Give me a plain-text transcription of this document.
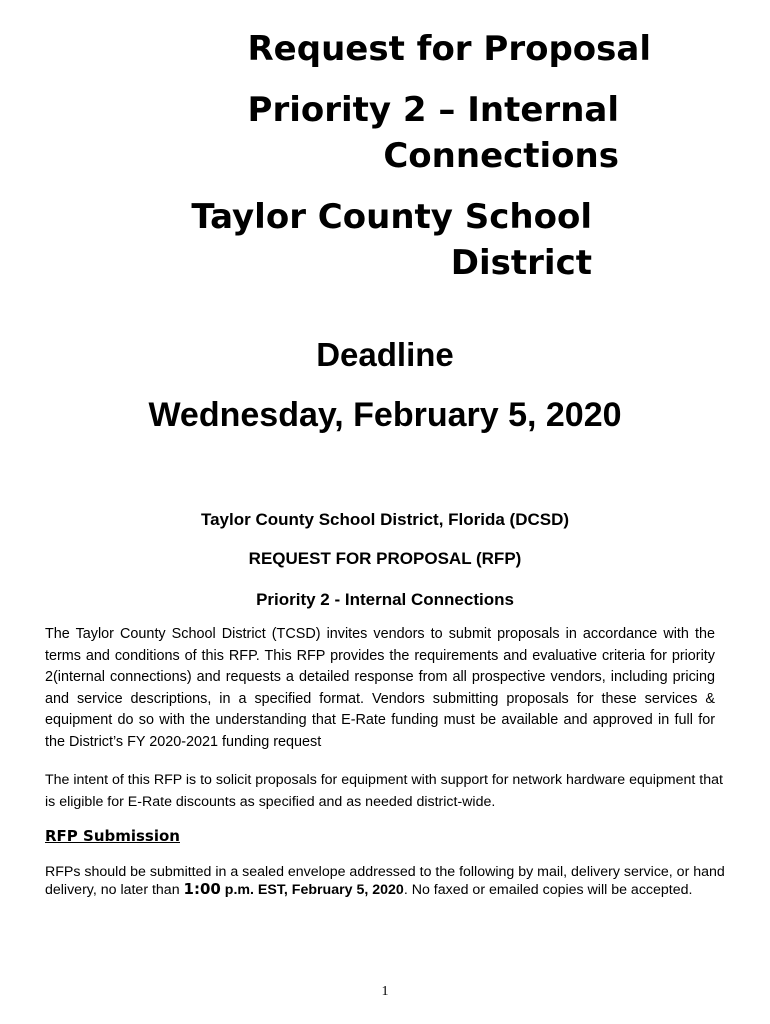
Request for Proposal
Priority 2 – Internal
Connections
Taylor County School
District
Deadline
Wednesday, February 5, 2020
Taylor County School District, Florida (DCSD)
REQUEST FOR PROPOSAL (RFP)
Priority 2 - Internal Connections
The Taylor County School District (TCSD) invites vendors to submit proposals in accordance with the terms and conditions of this RFP. This RFP provides the requirements and evaluative criteria for priority 2(internal connections) and requests a detailed response from all prospective vendors, including pricing and service descriptions, in a specified format. Vendors submitting proposals for these services & equipment do so with the understanding that E-Rate funding must be available and approved in full for the District’s FY 2020-2021 funding request
The intent of this RFP is to solicit proposals for equipment with support for network hardware equipment that is eligible for E-Rate discounts as specified and as needed district-wide.
RFP Submission
RFPs should be submitted in a sealed envelope addressed to the following by mail, delivery service, or hand delivery, no later than 1:00 p.m. EST, February 5, 2020. No faxed or emailed copies will be accepted.
1
